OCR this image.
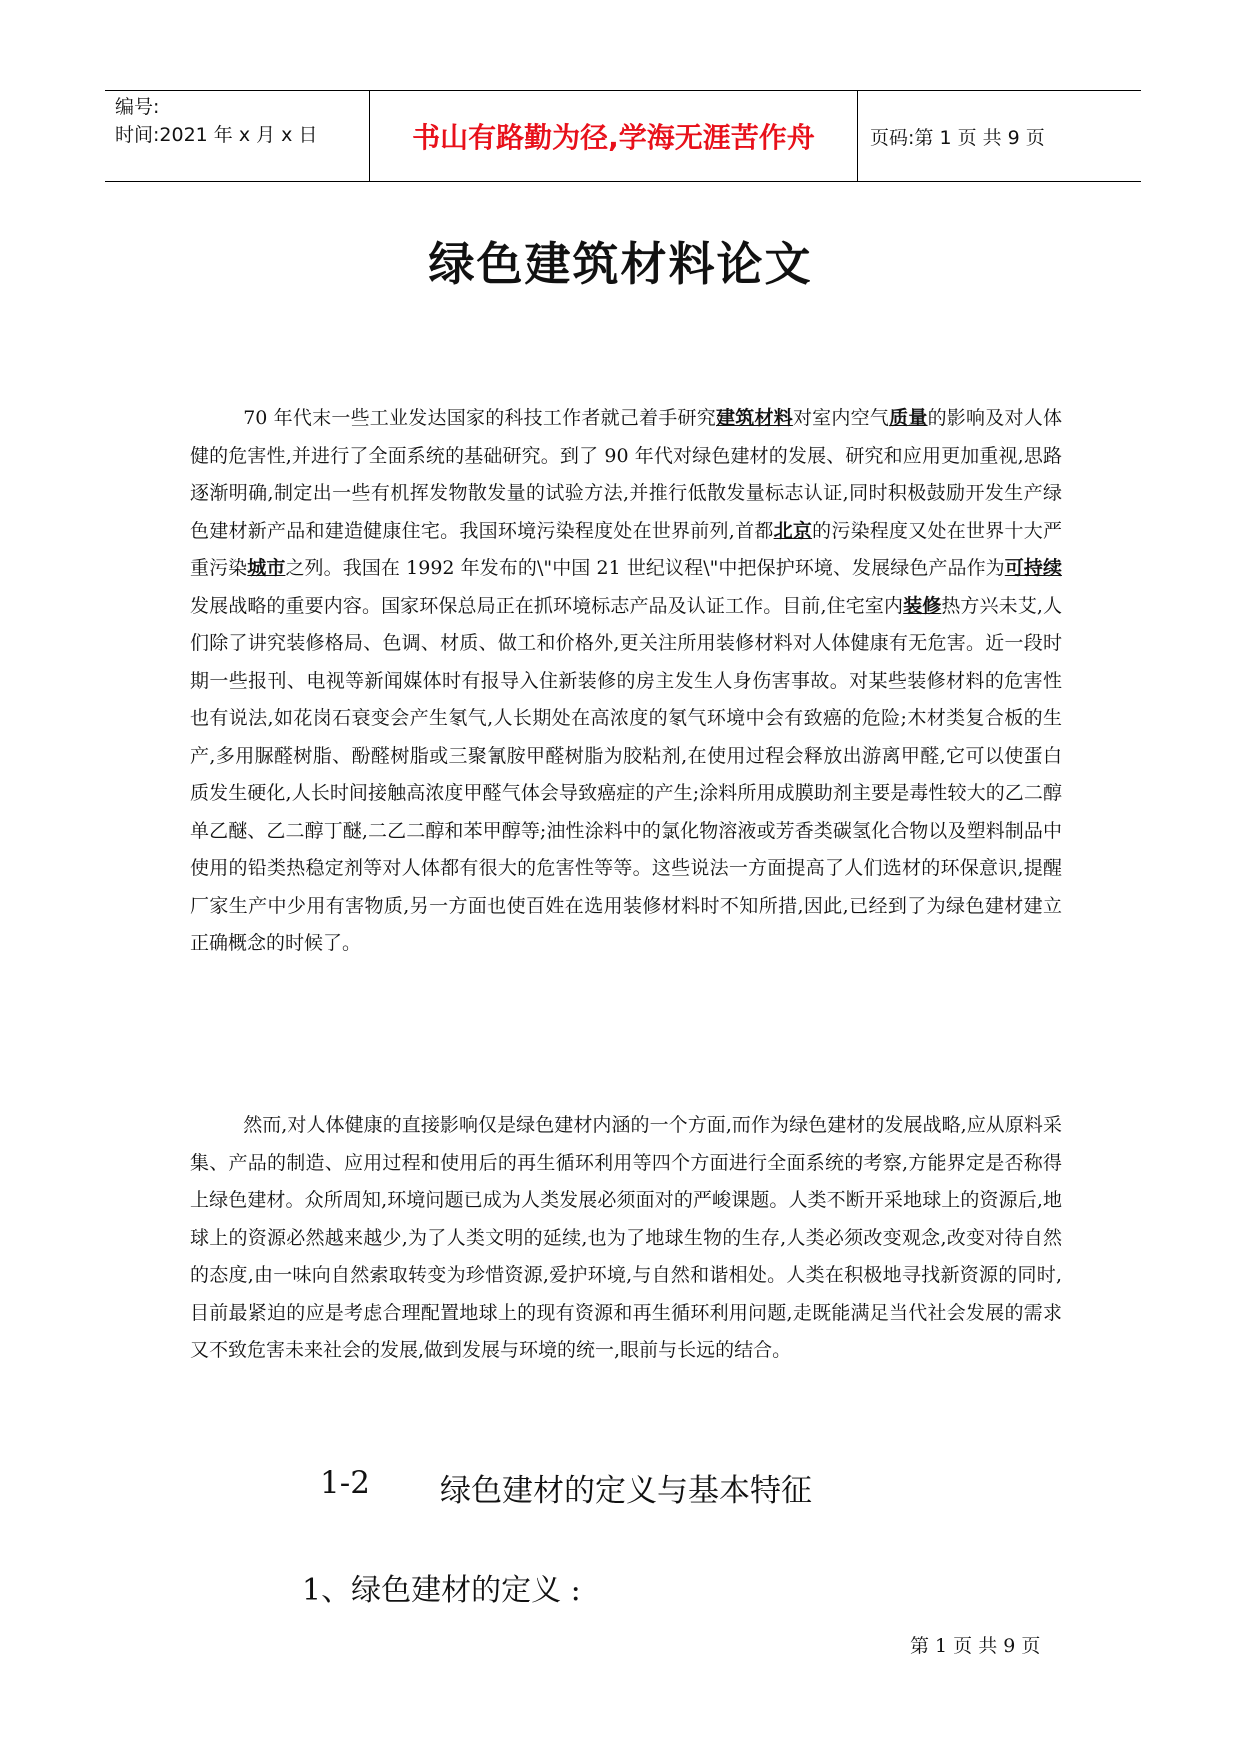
编号:
时间:2021 年 x 月 x 日	书山有路勤为径,学海无涯苦作舟	页码:第 1 页 共 9 页
绿色建筑材料论文

70 年代末一些工业发达国家的科技工作者就己着手研究建筑材料对室内空气质量的影响及对人体健的危害性,并进行了全面系统的基础研究。到了 90 年代对绿色建材的发展、研究和应用更加重视,思路逐渐明确,制定出一些有机挥发物散发量的试验方法,并推行低散发量标志认证,同时积极鼓励开发生产绿色建材新产品和建造健康住宅。我国环境污染程度处在世界前列,首都北京的污染程度又处在世界十大严重污染城市之列。我国在 1992 年发布的\"中国 21 世纪议程\"中把保护环境、发展绿色产品作为可持续发展战略的重要内容。国家环保总局正在抓环境标志产品及认证工作。目前,住宅室内装修热方兴未艾,人们除了讲究装修格局、色调、材质、做工和价格外,更关注所用装修材料对人体健康有无危害。近一段时期一些报刊、电视等新闻媒体时有报导入住新装修的房主发生人身伤害事故。对某些装修材料的危害性也有说法,如花岗石衰变会产生氡气,人长期处在高浓度的氡气环境中会有致癌的危险;木材类复合板的生产,多用脲醛树脂、酚醛树脂或三聚氰胺甲醛树脂为胶粘剂,在使用过程会释放出游离甲醛,它可以使蛋白质发生硬化,人长时间接触高浓度甲醛气体会导致癌症的产生;涂料所用成膜助剂主要是毒性较大的乙二醇单乙醚、乙二醇丁醚,二乙二醇和苯甲醇等;油性涂料中的氯化物溶液或芳香类碳氢化合物以及塑料制品中使用的铅类热稳定剂等对人体都有很大的危害性等等。这些说法一方面提高了人们选材的环保意识,提醒厂家生产中少用有害物质,另一方面也使百姓在选用装修材料时不知所措,因此,已经到了为绿色建材建立正确概念的时候了。

然而,对人体健康的直接影响仅是绿色建材内涵的一个方面,而作为绿色建材的发展战略,应从原料采集、产品的制造、应用过程和使用后的再生循环利用等四个方面进行全面系统的考察,方能界定是否称得上绿色建材。众所周知,环境问题已成为人类发展必须面对的严峻课题。人类不断开采地球上的资源后,地球上的资源必然越来越少,为了人类文明的延续,也为了地球生物的生存,人类必须改变观念,改变对待自然的态度,由一味向自然索取转变为珍惜资源,爱护环境,与自然和谐相处。人类在积极地寻找新资源的同时,目前最紧迫的应是考虑合理配置地球上的现有资源和再生循环利用问题,走既能满足当代社会发展的需求又不致危害未来社会的发展,做到发展与环境的统一,眼前与长远的结合。

1-2	绿色建材的定义与基本特征
1、绿色建材的定义 :
第 1 页 共 9 页
